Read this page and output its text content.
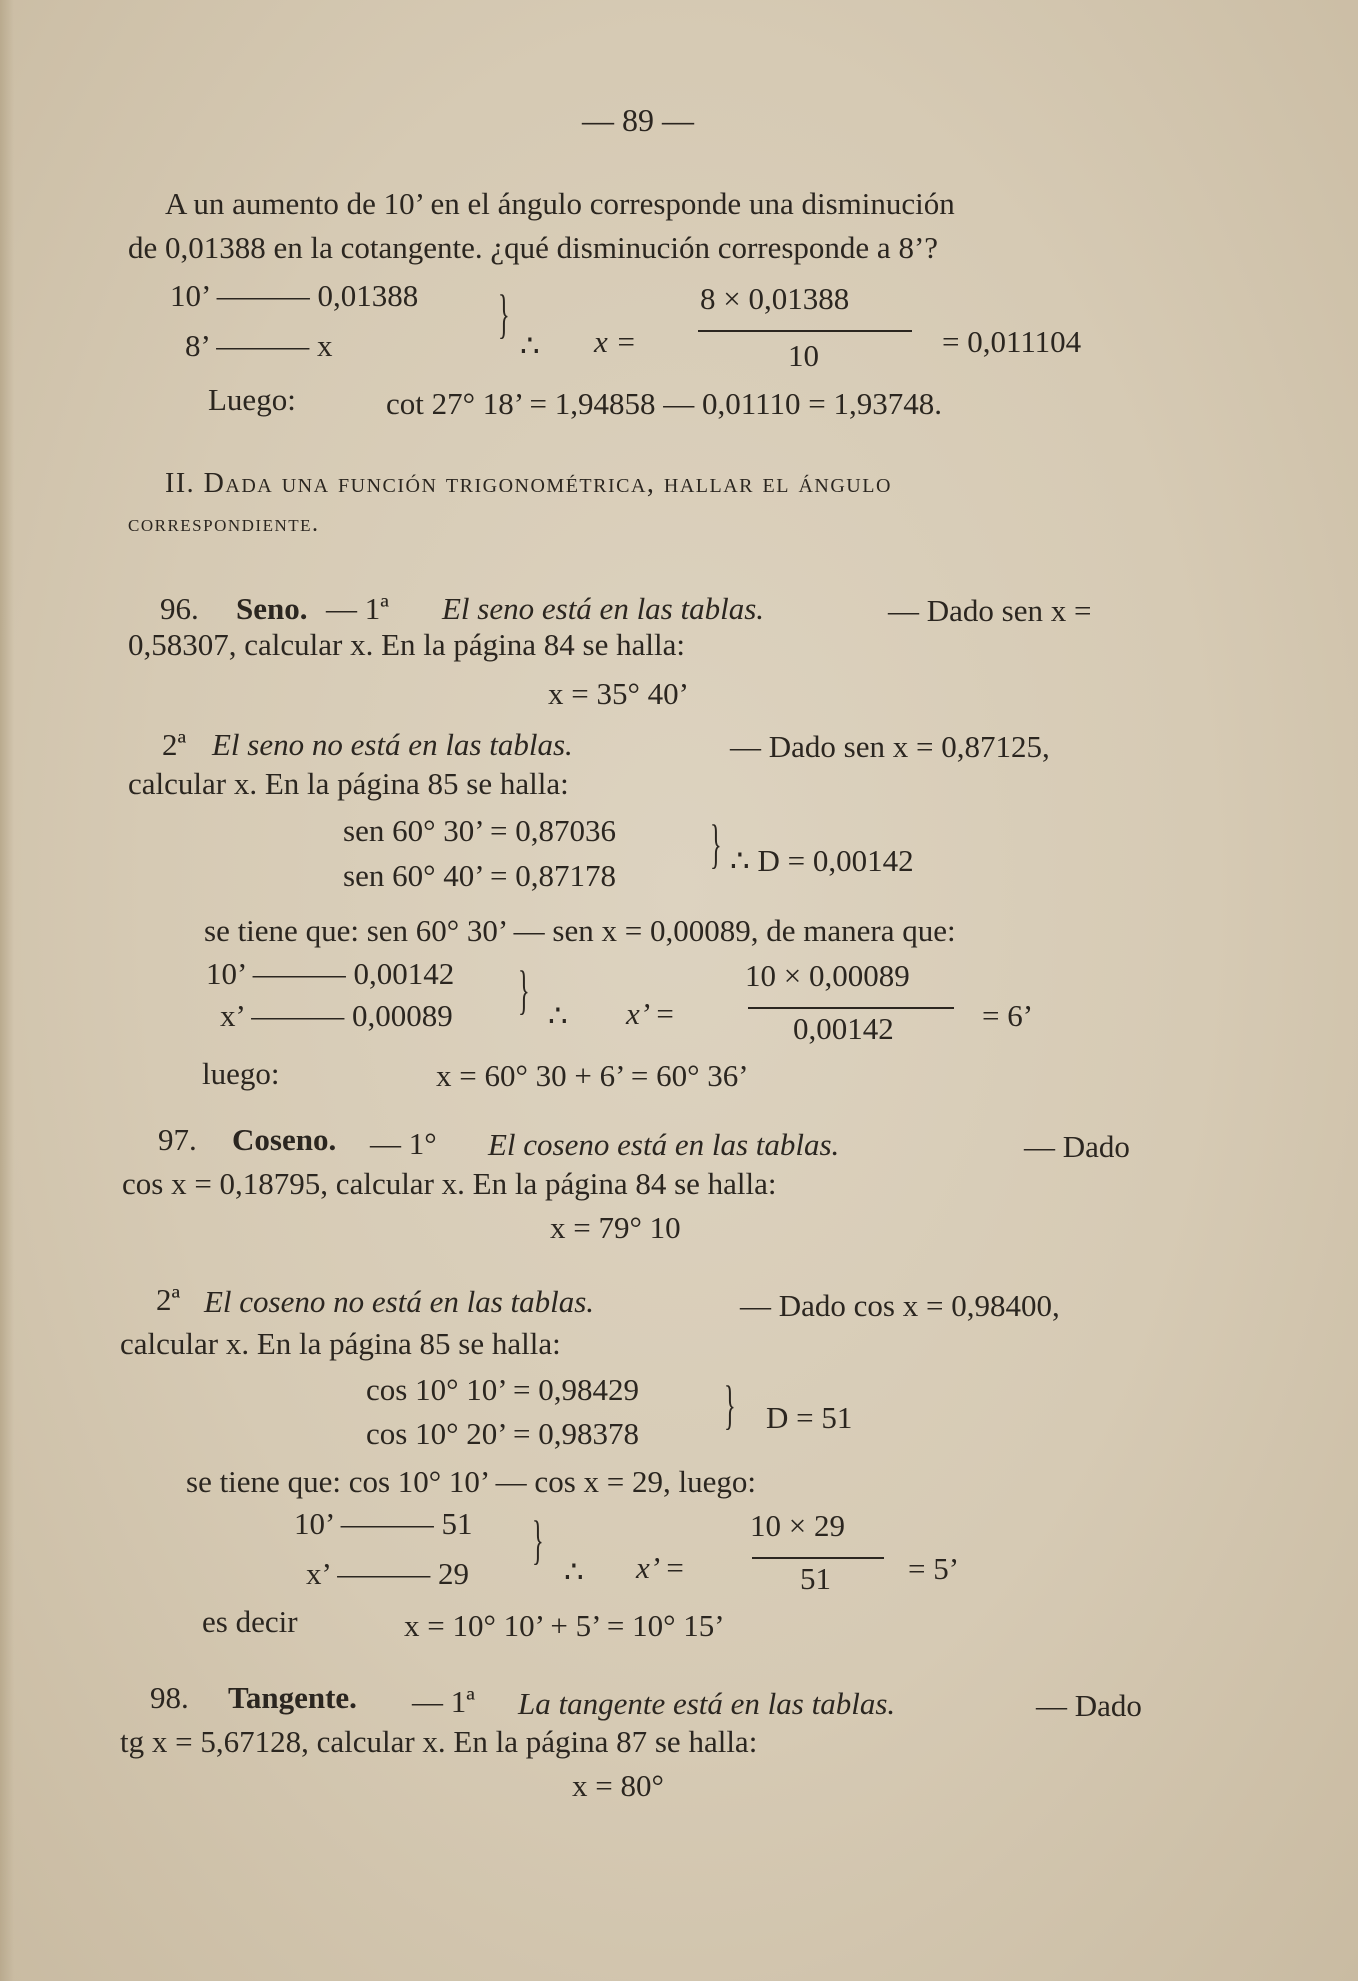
— 89 —
A un aumento de 10’ en el ángulo corresponde una disminución
de 0,01388 en la cotangente. ¿qué disminución corresponde a 8’?
10’ ——— 0,01388
8’ ——— x
}
∴ x =
8 × 0,01388
10	= 0,011104
Luego:	cot 27° 18’ = 1,94858 — 0,01110 = 1,93748.
II. Dada una función trigonométrica, hallar el ángulo
correspondiente.
96. Seno. — 1ª El seno está en las tablas.	— Dado sen x =
0,58307, calcular x. En la página 84 se halla:
x = 35° 40’
2ª El seno no está en las tablas.	— Dado sen x = 0,87125,
calcular x. En la página 85 se halla:
sen 60° 30’ = 0,87036
sen 60° 40’ = 0,87178
} ∴ D = 0,00142
se tiene que: sen 60° 30’ — sen x = 0,00089, de manera que:
10’ ——— 0,00142
x’ ——— 0,00089 } ∴ x’ =
10 × 0,00089
0,00142	= 6’
luego:	x = 60° 30 + 6’ = 60° 36’
97. Coseno. — 1° El coseno está en las tablas.	— Dado
cos x = 0,18795, calcular x. En la página 84 se halla:
x = 79° 10
2ª El coseno no está en las tablas.	— Dado cos x = 0,98400,
calcular x. En la página 85 se halla:
cos 10° 10’ = 0,98429
cos 10° 20’ = 0,98378 } D = 51
se tiene que: cos 10° 10’ — cos x = 29, luego:
10’ ——— 51
x’ ——— 29
}
∴ x’ =
10 × 29
51 = 5’
es decir	x = 10° 10’ + 5’ = 10° 15’
98. Tangente. — 1ª La tangente está en las tablas.	— Dado
tg x = 5,67128, calcular x. En la página 87 se halla:
x = 80°
